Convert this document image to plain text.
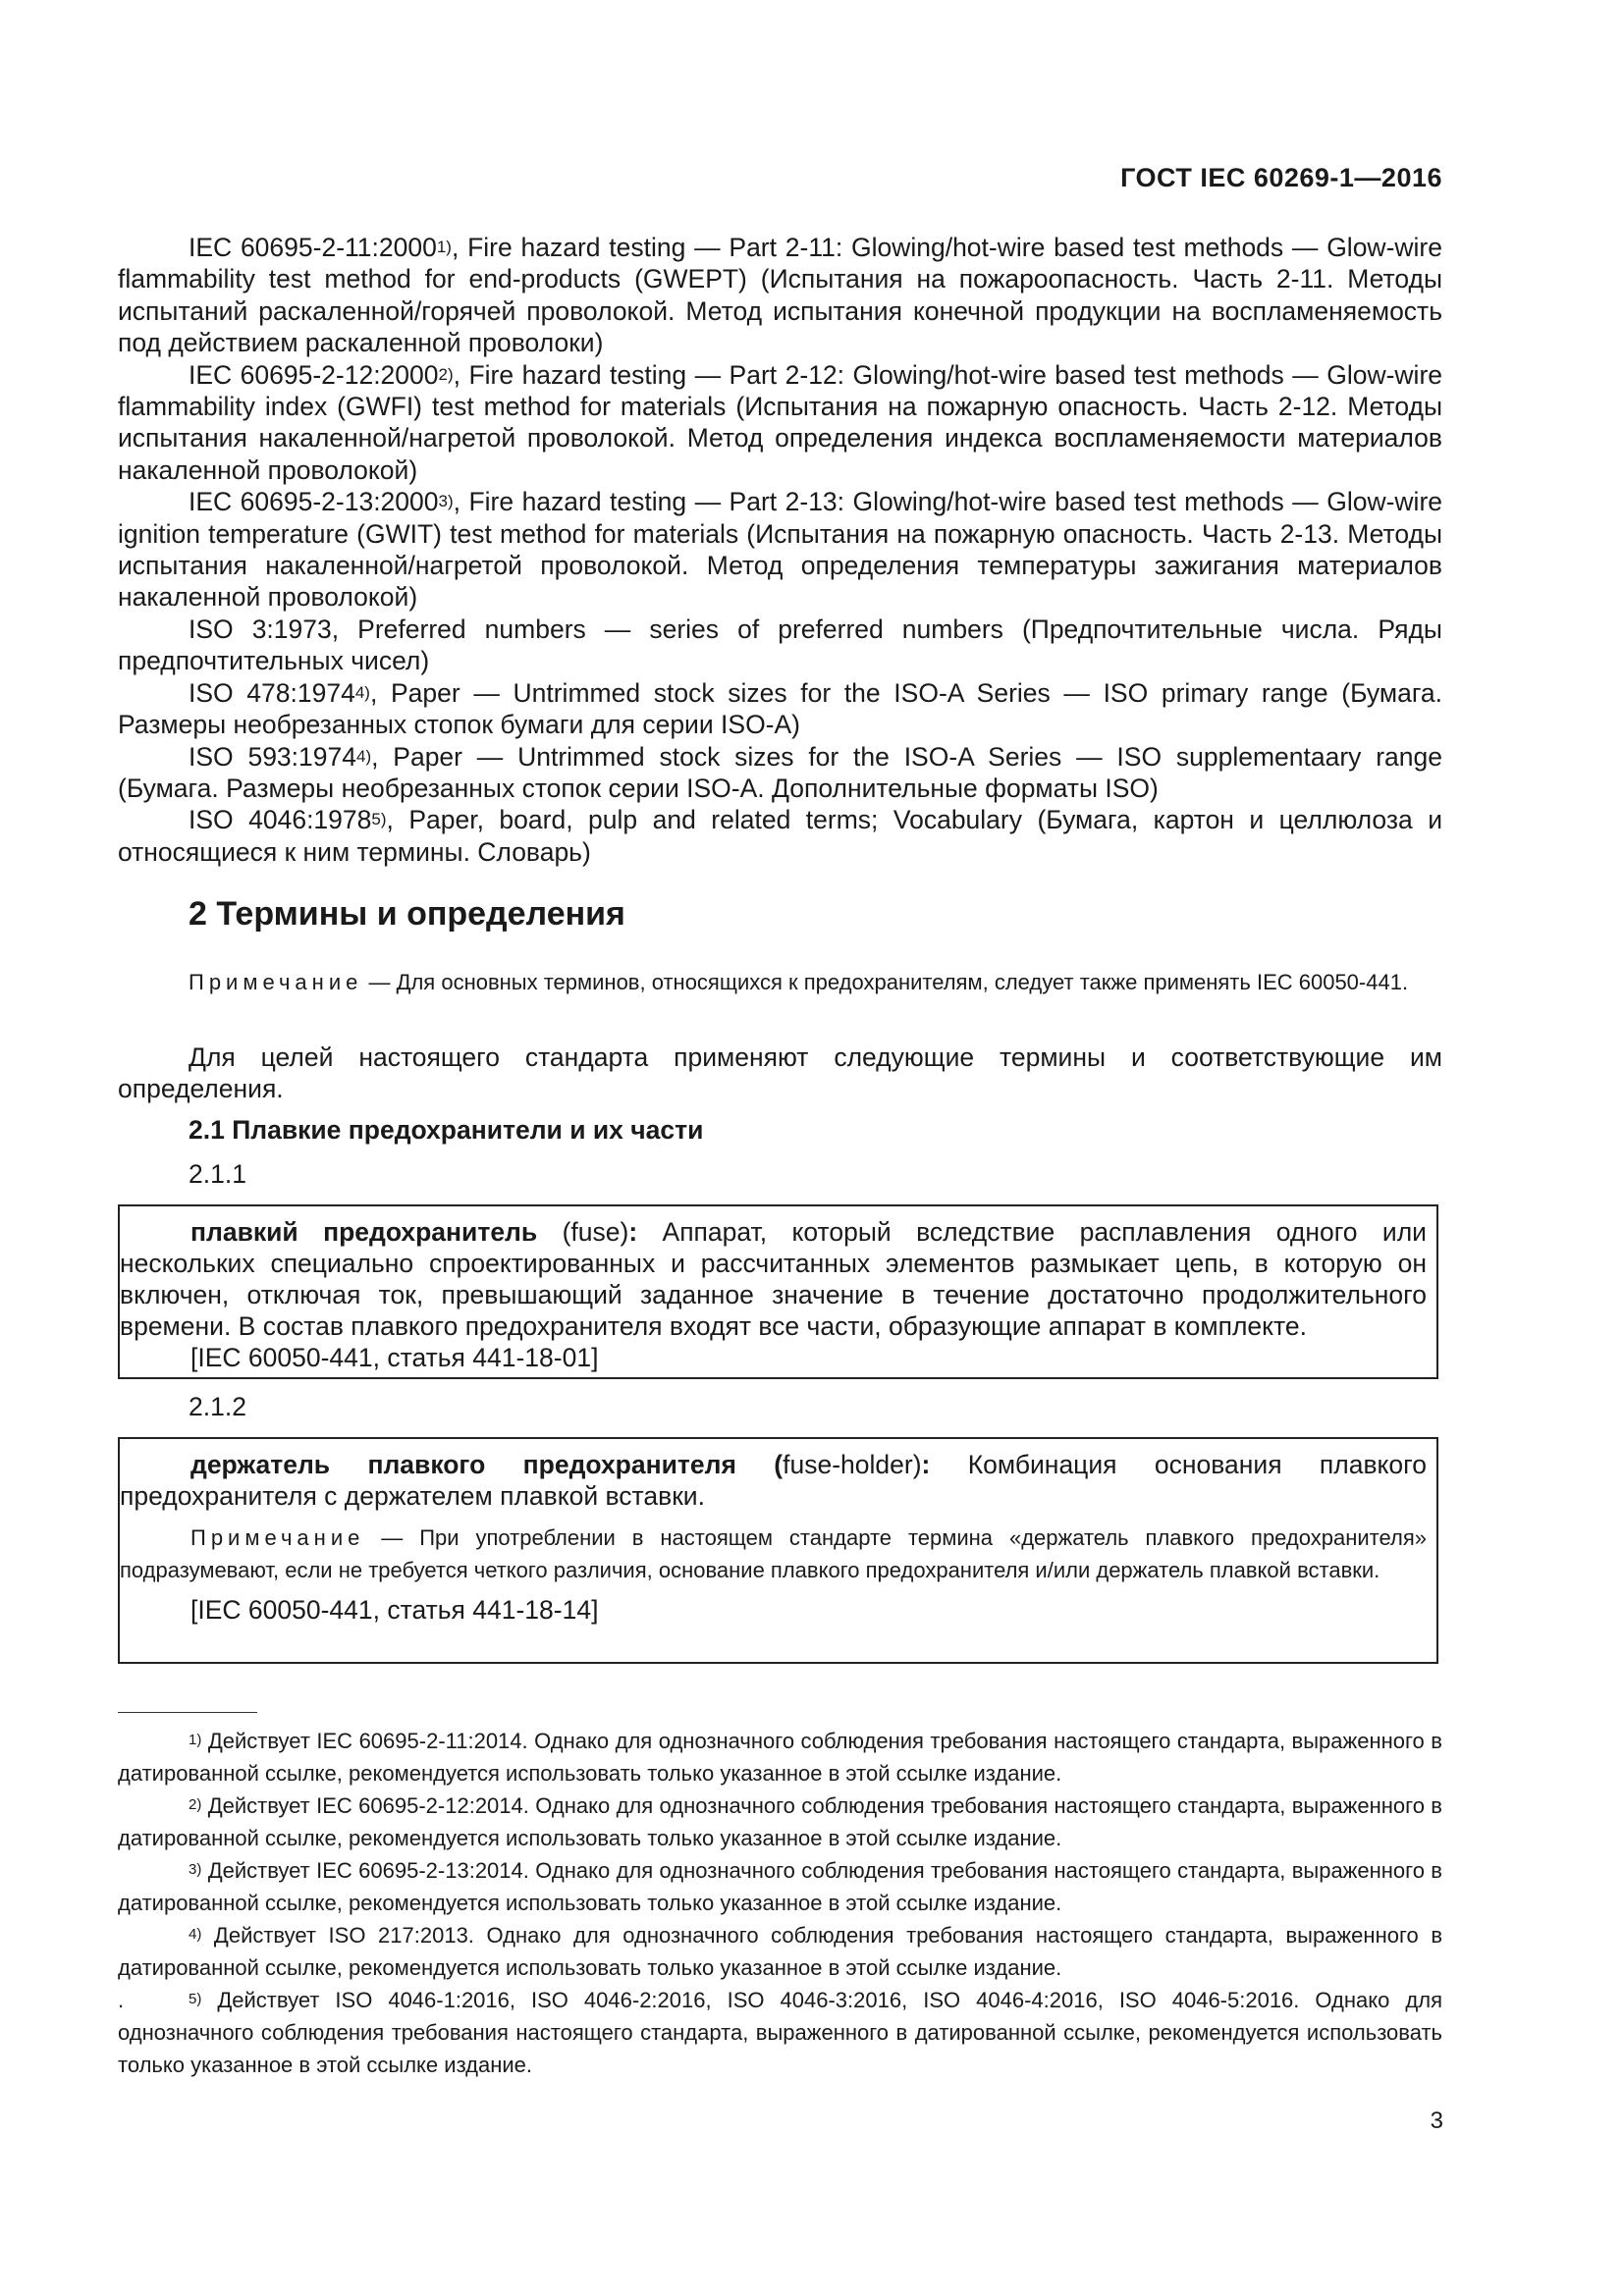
ГОСТ IEC 60269-1—2016

IEC 60695-2-11:2000$^{1)}$, Fire hazard testing — Part 2-11: Glowing/hot-wire based test methods — Glow-wire flammability test method for end-products (GWEPT) (Испытания на пожароопасность. Часть 2-11. Методы испытаний раскаленной/горячей проволокой. Метод испытания конечной продукции на воспламеняемость под действием раскаленной проволоки)

IEC 60695-2-12:2000$^{2)}$, Fire hazard testing — Part 2-12: Glowing/hot-wire based test methods — Glow-wire flammability index (GWFI) test method for materials (Испытания на пожарную опасность. Часть 2-12. Методы испытания накаленной/нагретой проволокой. Метод определения индекса воспламеняемости материалов накаленной проволокой)

IEC 60695-2-13:2000$^{3)}$, Fire hazard testing — Part 2-13: Glowing/hot-wire based test methods — Glow-wire ignition temperature (GWIT) test method for materials (Испытания на пожарную опасность. Часть 2-13. Методы испытания накаленной/нагретой проволокой. Метод определения температуры зажигания материалов накаленной проволокой)

ISO 3:1973, Preferred numbers — series of preferred numbers (Предпочтительные числа. Ряды предпочтительных чисел)

ISO 478:1974$^{4)}$, Paper — Untrimmed stock sizes for the ISO-A Series — ISO primary range (Бумага. Размеры необрезанных стопок бумаги для серии ISO-A)

ISO 593:1974$^{4)}$, Paper — Untrimmed stock sizes for the ISO-A Series — ISO supplementaary range (Бумага. Размеры необрезанных стопок серии ISO-A. Дополнительные форматы ISO)

ISO 4046:1978$^{5)}$, Paper, board, pulp and related terms; Vocabulary (Бумага, картон и целлюлоза и относящиеся к ним термины. Словарь)

2 Термины и определения

Примечание — Для основных терминов, относящихся к предохранителям, следует также применять IEC 60050-441.

Для целей настоящего стандарта применяют следующие термины и соответствующие им определения.

2.1 Плавкие предохранители и их части
2.1.1

плавкий предохранитель (fuse): Аппарат, который вследствие расплавления одного или нескольких специально спроектированных и рассчитанных элементов размыкает цепь, в которую он включен, отключая ток, превышающий заданное значение в течение достаточно продолжительного времени. В состав плавкого предохранителя входят все части, образующие аппарат в комплекте.

[IEC 60050-441, статья 441-18-01]

2.1.2

держатель плавкого предохранителя (fuse-holder): Комбинация основания плавкого предохранителя с держателем плавкой вставки.

Примечание — При употреблении в настоящем стандарте термина «держатель плавкого предохранителя» подразумевают, если не требуется четкого различия, основание плавкого предохранителя и/или держатель плавкой вставки.

[IEC 60050-441, статья 441-18-14]

$^{1)}$ Действует IEC 60695-2-11:2014. Однако для однозначного соблюдения требования настоящего стандарта, выраженного в датированной ссылке, рекомендуется использовать только указанное в этой ссылке издание.

$^{2)}$ Действует IEC 60695-2-12:2014. Однако для однозначного соблюдения требования настоящего стандарта, выраженного в датированной ссылке, рекомендуется использовать только указанное в этой ссылке издание.

$^{3)}$ Действует IEC 60695-2-13:2014. Однако для однозначного соблюдения требования настоящего стандарта, выраженного в датированной ссылке, рекомендуется использовать только указанное в этой ссылке издание.

$^{4)}$ Действует ISO 217:2013. Однако для однозначного соблюдения требования настоящего стандарта, выраженного в датированной ссылке, рекомендуется использовать только указанное в этой ссылке издание.

.	$^{5)}$ Действует ISO 4046-1:2016, ISO 4046-2:2016, ISO 4046-3:2016, ISO 4046-4:2016, ISO 4046-5:2016. Однако для однозначного соблюдения требования настоящего стандарта, выраженного в датированной ссылке, рекомендуется использовать только указанное в этой ссылке издание.

3
